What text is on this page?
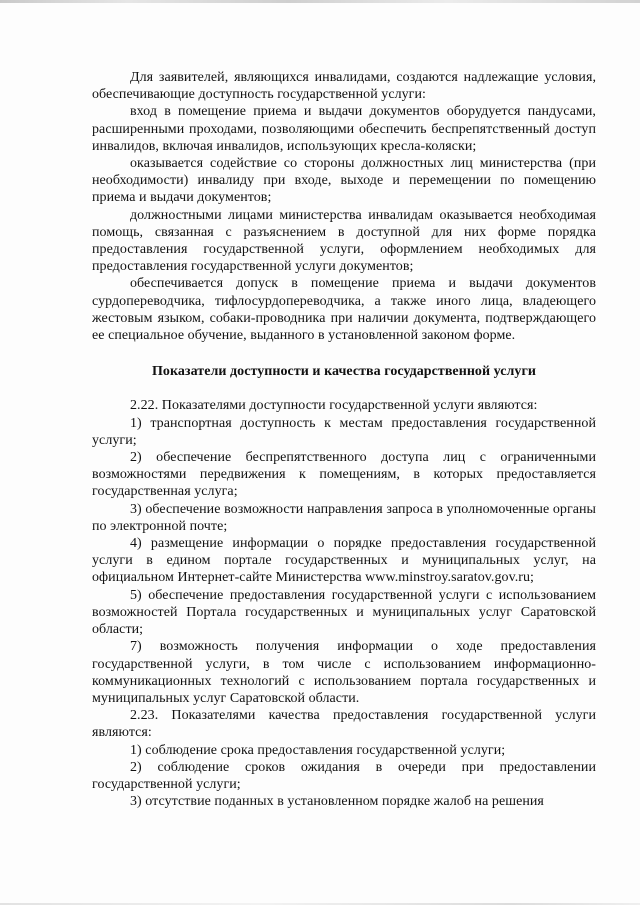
Для заявителей, являющихся инвалидами, создаются надлежащие условия, обеспечивающие доступность государственной услуги:

вход в помещение приема и выдачи документов оборудуется пандусами, расширенными проходами, позволяющими обеспечить беспрепятственный доступ инвалидов, включая инвалидов, использующих кресла-коляски;

оказывается содействие со стороны должностных лиц министерства (при необходимости) инвалиду при входе, выходе и перемещении по помещению приема и выдачи документов;

должностными лицами министерства инвалидам оказывается необходимая помощь, связанная с разъяснением в доступной для них форме порядка предоставления государственной услуги, оформлением необходимых для предоставления государственной услуги документов;

обеспечивается допуск в помещение приема и выдачи документов сурдопереводчика, тифлосурдопереводчика, а также иного лица, владеющего жестовым языком, собаки-проводника при наличии документа, подтверждающего ее специальное обучение, выданного в установленной законом форме.

Показатели доступности и качества государственной услуги

2.22. Показателями доступности государственной услуги являются:

1) транспортная доступность к местам предоставления государственной услуги;

2) обеспечение беспрепятственного доступа лиц с ограниченными возможностями передвижения к помещениям, в которых предоставляется государственная услуга;

3) обеспечение возможности направления запроса в уполномоченные органы по электронной почте;

4) размещение информации о порядке предоставления государственной услуги в едином портале государственных и муниципальных услуг, на официальном Интернет-сайте Министерства www.minstroy.saratov.gov.ru;

5) обеспечение предоставления государственной услуги с использованием возможностей Портала государственных и муниципальных услуг Саратовской области;

7) возможность получения информации о ходе предоставления государственной услуги, в том числе с использованием информационно-коммуникационных технологий с использованием портала государственных и муниципальных услуг Саратовской области.

2.23. Показателями качества предоставления государственной услуги являются:

1) соблюдение срока предоставления государственной услуги;

2) соблюдение сроков ожидания в очереди при предоставлении государственной услуги;

3) отсутствие поданных в установленном порядке жалоб на решения
